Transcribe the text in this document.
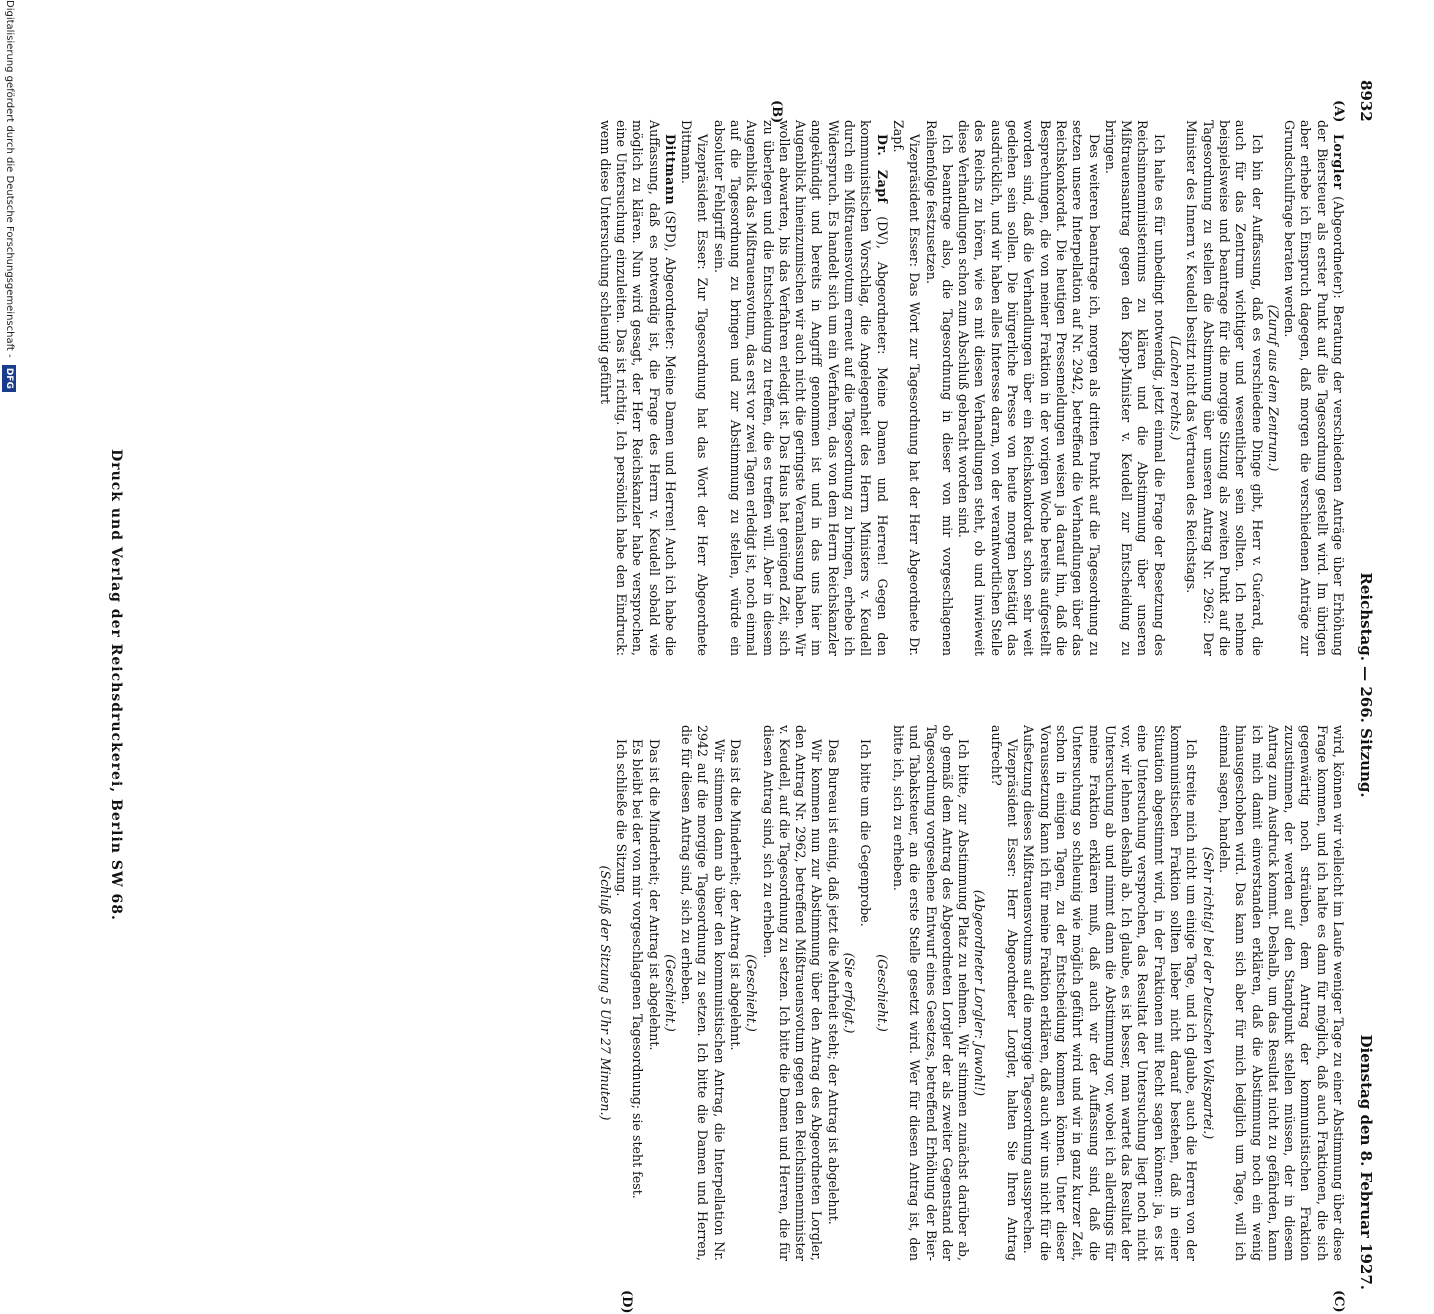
8932
Reichstag. — 266. Sitzung.
Dienstag den 8. Februar 1927.
(A)
(B)
(C)
(D)

Lorgler (Abgeordneter): Beratung der verschiedenen Anträge über Erhöhung der Biersteuer als erster Punkt auf die Tagesordnung gestellt wird. Im übrigen aber erhebe ich Einspruch dagegen, daß morgen die verschiedenen Anträge zur Grundschulfrage beraten werden.

(Zuruf aus dem Zentrum.)

Ich bin der Auffassung, daß es verschiedene Dinge gibt, Herr v. Guérard, die auch für das Zentrum wichtiger und wesentlicher sein sollten. Ich nehme beispielsweise und beantrage für die morgige Sitzung als zweiten Punkt auf die Tagesordnung zu stellen die Abstimmung über unseren Antrag Nr. 2962: Der Minister des Innern v. Keudell besitzt nicht das Vertrauen des Reichstags.

(Lachen rechts.)

Ich halte es für unbedingt notwendig, jetzt einmal die Frage der Besetzung des Reichsinnenministeriums zu klären und die Abstimmung über unseren Mißtrauensantrag gegen den Kapp-Minister v. Keudell zur Entscheidung zu bringen.

Des weiteren beantrage ich, morgen als dritten Punkt auf die Tagesordnung zu setzen unsere Interpellation auf Nr. 2942, betreffend die Verhandlungen über das Reichskonkordat. Die heutigen Pressemeldungen weisen ja darauf hin, daß die Besprechungen, die von meiner Fraktion in der vorigen Woche bereits aufgestellt worden sind, daß die Verhandlungen über ein Reichskonkordat schon sehr weit gediehen sein sollen. Die bürgerliche Presse von heute morgen bestätigt das ausdrücklich, und wir haben alles Interesse daran, von der verantwortlichen Stelle des Reichs zu hören, wie es mit diesen Verhandlungen steht, ob und inwieweit diese Verhandlungen schon zum Abschluß gebracht worden sind.

Ich beantrage also, die Tagesordnung in dieser von mir vorgeschlagenen Reihenfolge festzusetzen.

Vizepräsident Esser: Das Wort zur Tagesordnung hat der Herr Abgeordnete Dr. Zapf.

Dr. Zapf (DV), Abgeordneter: Meine Damen und Herren! Gegen den kommunistischen Vorschlag, die Angelegenheit des Herrn Ministers v. Keudell durch ein Mißtrauensvotum erneut auf die Tagesordnung zu bringen, erhebe ich Widerspruch. Es handelt sich um ein Verfahren, das von dem Herrn Reichskanzler angekündigt und bereits in Angriff genommen ist und in das uns hier im Augenblick hineinzumischen wir auch nicht die geringste Veranlassung haben. Wir wollen abwarten, bis das Verfahren erledigt ist. Das Haus hat genügend Zeit, sich zu überlegen und die Entscheidung zu treffen, die es treffen will. Aber in diesem Augenblick das Mißtrauensvotum, das erst vor zwei Tagen erledigt ist, noch einmal auf die Tagesordnung zu bringen und zur Abstimmung zu stellen, würde ein absoluter Fehlgriff sein.

Vizepräsident Esser: Zur Tagesordnung hat das Wort der Herr Abgeordnete Dittmann.

Dittmann (SPD), Abgeordneter: Meine Damen und Herren! Auch ich habe die Auffassung, daß es notwendig ist, die Frage des Herrn v. Keudell sobald wie möglich zu klären. Nun wird gesagt, der Herr Reichskanzler habe versprochen, eine Untersuchung einzuleiten. Das ist richtig. Ich persönlich habe den Eindruck: wenn diese Untersuchung schleunig geführt

wird, können wir vielleicht im Laufe weniger Tage zu einer Abstimmung über diese Frage kommen, und ich halte es dann für möglich, daß auch Fraktionen, die sich gegenwärtig noch sträuben, dem Antrag der kommunistischen Fraktion zuzustimmen, der werden auf den Standpunkt stellen müssen, der in diesem Antrag zum Ausdruck kommt. Deshalb, um das Resultat nicht zu gefährden, kann ich mich damit einverstanden erklären, daß die Abstimmung noch ein wenig hinausgeschoben wird. Das kann sich aber für mich lediglich um Tage, will ich einmal sagen, handeln.

(Sehr richtig! bei der Deutschen Volkspartei.)

Ich streite mich nicht um einige Tage, und ich glaube, auch die Herren von der kommunistischen Fraktion sollten lieber nicht darauf bestehen, daß in einer Situation abgestimmt wird, in der Fraktionen mit Recht sagen können: ja, es ist eine Untersuchung versprochen, das Resultat der Untersuchung liegt noch nicht vor, wir lehnen deshalb ab. Ich glaube, es ist besser, man wartet das Resultat der Untersuchung ab und nimmt dann die Abstimmung vor, wobei ich allerdings für meine Fraktion erklären muß, daß auch wir der Auffassung sind, daß die Untersuchung so schleunig wie möglich geführt wird und wir in ganz kurzer Zeit, schon in einigen Tagen, zu der Entscheidung kommen können. Unter dieser Voraussetzung kann ich für meine Fraktion erklären, daß auch wir uns nicht für die Aufsetzung dieses Mißtrauensvotums auf die morgige Tagesordnung aussprechen.

Vizepräsident Esser: Herr Abgeordneter Lorgler, halten Sie Ihren Antrag aufrecht?

(Abgeordneter Lorgler: Jawohl!)

Ich bitte, zur Abstimmung Platz zu nehmen. Wir stimmen zunächst darüber ab, ob gemäß dem Antrag des Abgeordneten Lorgler der als zweiter Gegenstand der Tagesordnung vorgesehene Entwurf eines Gesetzes, betreffend Erhöhung der Bier- und Tabaksteuer, an die erste Stelle gesetzt wird. Wer für diesen Antrag ist, den bitte ich, sich zu erheben.

(Geschieht.)

Ich bitte um die Gegenprobe.

(Sie erfolgt.)

Das Bureau ist einig, daß jetzt die Mehrheit steht; der Antrag ist abgelehnt.

Wir kommen nun zur Abstimmung über den Antrag des Abgeordneten Lorgler, den Antrag Nr. 2962, betreffend Mißtrauensvotum gegen den Reichsinnenminister v. Keudell, auf die Tagesordnung zu setzen. Ich bitte die Damen und Herren, die für diesen Antrag sind, sich zu erheben.

(Geschieht.)

Das ist die Minderheit; der Antrag ist abgelehnt.

Wir stimmen dann ab über den kommunistischen Antrag, die Interpellation Nr. 2942 auf die morgige Tagesordnung zu setzen. Ich bitte die Damen und Herren, die für diesen Antrag sind, sich zu erheben.

(Geschieht.)

Das ist die Minderheit; der Antrag ist abgelehnt.

Es bleibt bei der von mir vorgeschlagenen Tagesordnung; sie steht fest.

Ich schließe die Sitzung.

(Schluß der Sitzung 5 Uhr 27 Minuten.)

Druck und Verlag der Reichsdruckerei, Berlin SW 68.
Digitalisierung gefördert durch die Deutsche Forschungsgemeinschaft - DFG
